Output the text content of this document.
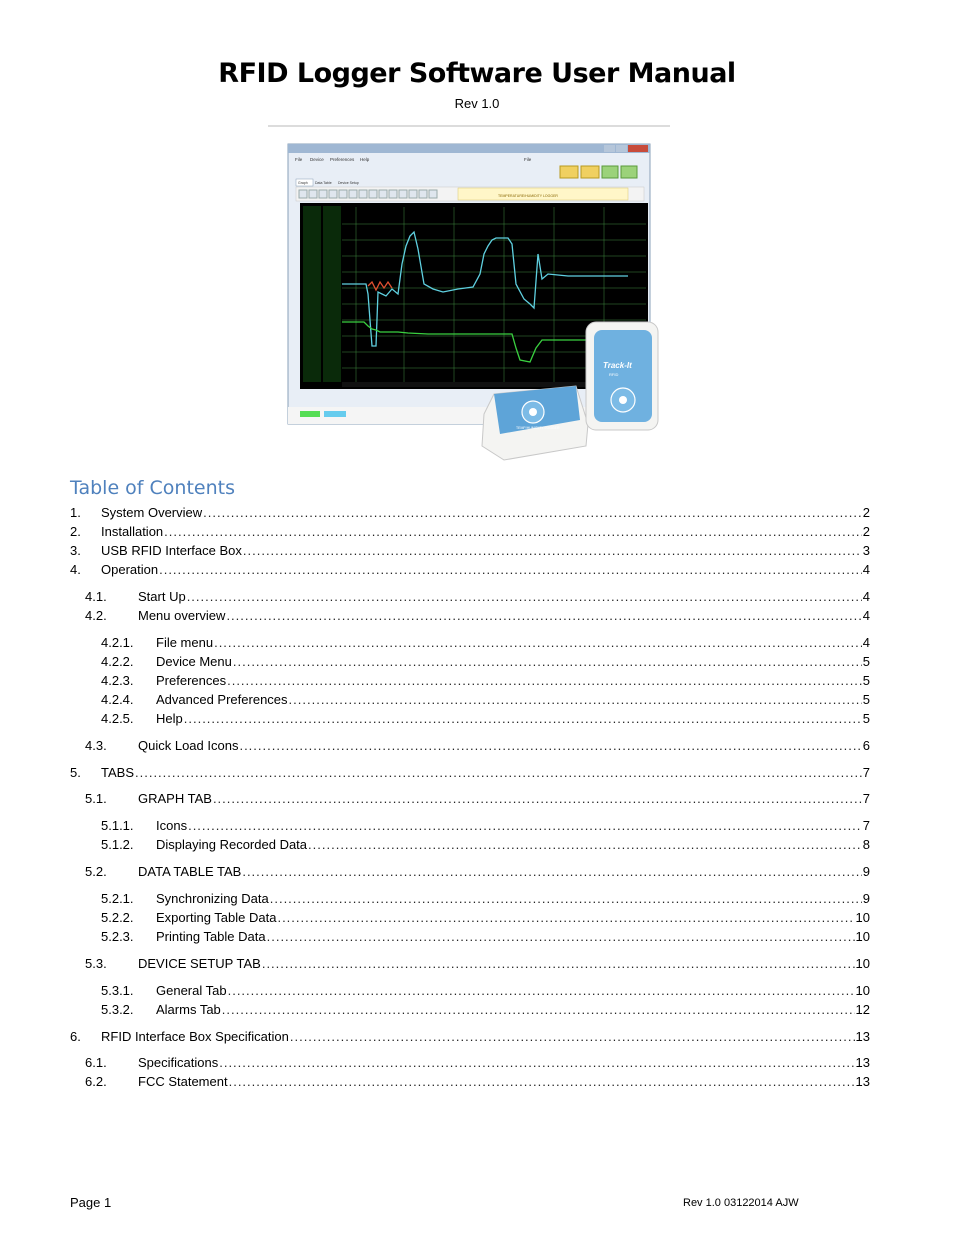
RFID Logger Software User Manual
Rev 1.0
File Device Preferences Help	File
Graph Data Table Device Setup
TEMPERATURE/HUMIDITY LOGGER
TEMP/HUMIDITY LOGGER
Track-It
RFID
Table of Contents
1.	System Overview .....	2
2.	Installation .....	2
3.	USB RFID Interface Box .....	3
4.	Operation .....	4
4.1.	Start Up .....	4
4.2.	Menu overview .....	4
4.2.1.	File menu .....	4
4.2.2.	Device Menu .....	5
4.2.3.	Preferences .....	5
4.2.4.	Advanced Preferences .....	5
4.2.5.	Help .....	5
4.3.	Quick Load Icons .....	6
5.	TABS .....	7
5.1.	GRAPH TAB .....	7
5.1.1.	Icons .....	7
5.1.2.	Displaying Recorded Data .....	8
5.2.	DATA TABLE TAB .....	9
5.2.1.	Synchronizing Data .....	9
5.2.2.	Exporting Table Data .....	10
5.2.3.	Printing Table Data .....	10
5.3.	DEVICE SETUP TAB .....	10
5.3.1.	General Tab .....	10
5.3.2.	Alarms Tab .....	12
6.	RFID Interface Box Specification .....	13
6.1.	Specifications .....	13
6.2.	FCC Statement .....	13
Page 1	Rev 1.0 03122014 AJW
